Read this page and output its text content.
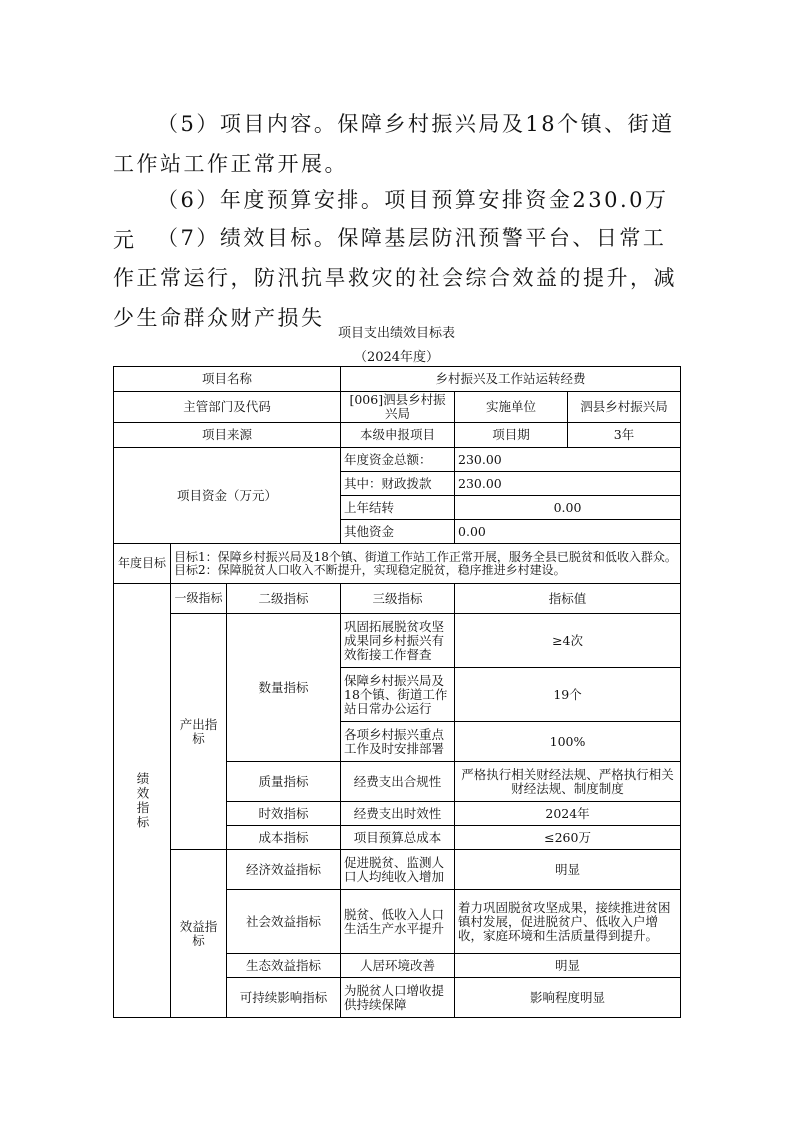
（5）项目内容。保障乡村振兴局及18个镇、街道工作站工作正常开展。

（6）年度预算安排。项目预算安排资金230.0万元 （7）绩效目标。保障基层防汛预警平台、日常工作正常运行，防汛抗旱救灾的社会综合效益的提升，减少生命群众财产损失

项目支出绩效目标表
（2024年度）
项目名称			乡村振兴及工作站运转经费		
主管部门及代码			[006]泗县乡村振兴局	实施单位	泗县乡村振兴局
项目来源			本级申报项目	项目期	3年
项目资金（万元）			年度资金总额：	230.00	
			其中：财政拨款	230.00	
			上年结转	0.00	
			其他资金	0.00	
年度目标	目标1：保障乡村振兴局及18个镇、街道工作站工作正常开展，服务全县已脱贫和低收入群众。　目标2：保障脱贫人口收入不断提升，实现稳定脱贫，稳序推进乡村建设。				

绩效指标	一级指标	二级指标	三级指标	指标值	
	产出指标	数量指标	巩固拓展脱贫攻坚成果同乡村振兴有效衔接工作督查	≥4次	
			保障乡村振兴局及18个镇、街道工作站日常办公运行	19个	
			各项乡村振兴重点工作及时安排部署	100%	
		质量指标	经费支出合规性	严格执行相关财经法规、严格执行相关财经法规、制度制度	
		时效指标	经费支出时效性	2024年	
		成本指标	项目预算总成本	≤260万	
	效益指标	经济效益指标	促进脱贫、监测人口人均纯收入增加	明显	
		社会效益指标	脱贫、低收入人口生活生产水平提升	着力巩固脱贫攻坚成果，接续推进贫困镇村发展，促进脱贫户、低收入户增收，家庭环境和生活质量得到提升。	
		生态效益指标	人居环境改善	明显	
		可持续影响指标	为脱贫人口增收提供持续保障	影响程度明显	
